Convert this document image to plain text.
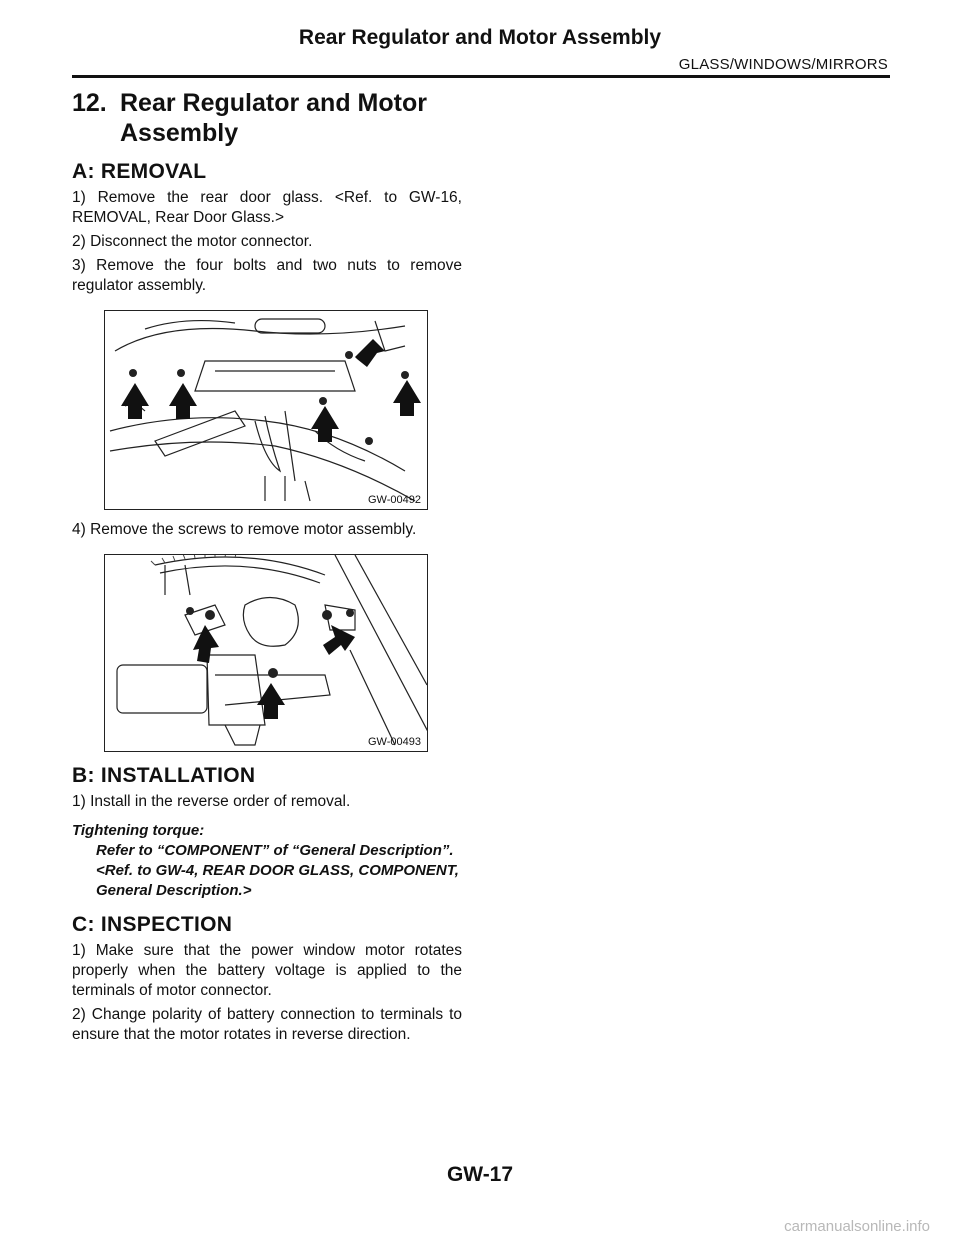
Rear Regulator and Motor Assembly
GLASS/WINDOWS/MIRRORS
12. Rear Regulator and Motor Assembly
A: REMOVAL

1) Remove the rear door glass. <Ref. to GW-16, REMOVAL, Rear Door Glass.>

2) Disconnect the motor connector.

3) Remove the four bolts and two nuts to remove regulator assembly.

GW-00492

4) Remove the screws to remove motor assembly.

GW-00493
B: INSTALLATION

1) Install in the reverse order of removal.

Tightening torque:
Refer to “COMPONENT” of “General Description”. <Ref. to GW-4, REAR DOOR GLASS, COMPONENT, General Description.>
C: INSPECTION

1) Make sure that the power window motor rotates properly when the battery voltage is applied to the terminals of motor connector.

2) Change polarity of battery connection to terminals to ensure that the motor rotates in reverse direction.

GW-17
carmanualsonline.info
